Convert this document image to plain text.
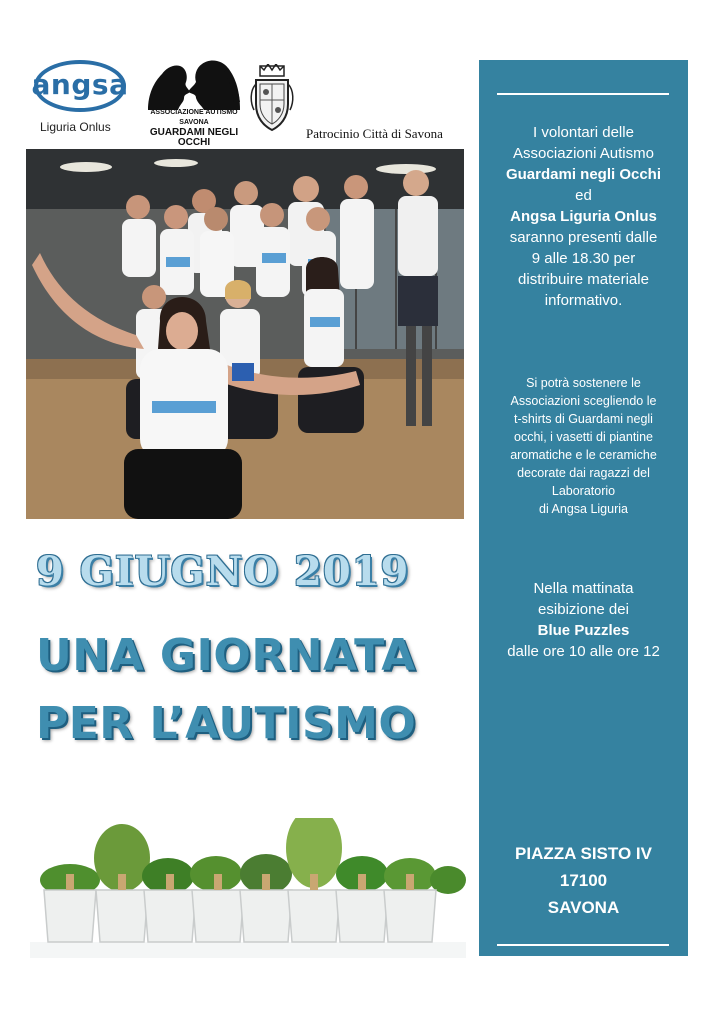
angsa
Liguria Onlus
ASSOCIAZIONE AUTISMO SAVONA
GUARDAMI NEGLI OCCHI
Patrocinio Città di Savona
9 GIUGNO 2019
UNA GIORNATA
PER L’AUTISMO
I volontari delle
Associazioni Autismo
Guardami negli Occhi
ed
Angsa Liguria Onlus
saranno presenti dalle
9 alle 18.30 per
distribuire materiale
informativo.
Si potrà sostenere le
Associazioni scegliendo le
t-shirts di Guardami negli
occhi, i vasetti di piantine
aromatiche e le ceramiche
decorate dai ragazzi del
Laboratorio
di Angsa Liguria
Nella mattinata
esibizione dei
Blue Puzzles
dalle ore 10 alle ore 12
PIAZZA SISTO IV
17100
SAVONA
